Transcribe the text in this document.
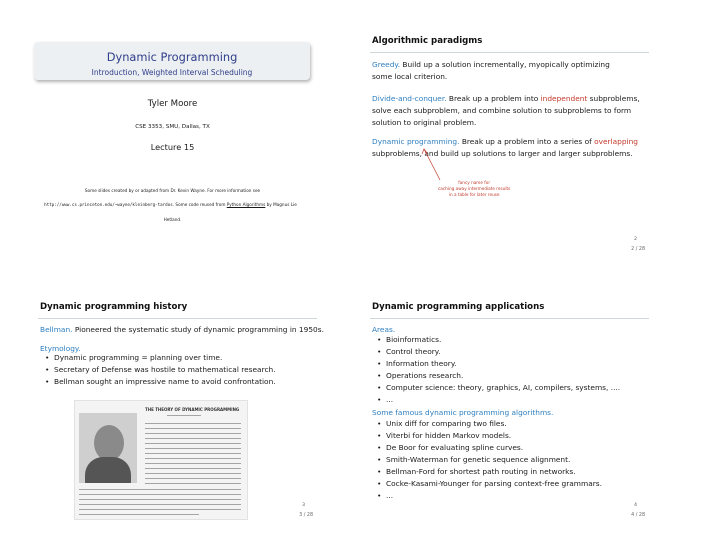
Dynamic Programming
Introduction, Weighted Interval Scheduling
Tyler Moore
CSE 3353, SMU, Dallas, TX
Lecture 15
Some slides created by or adapted from Dr. Kevin Wayne. For more information see
http://www.cs.princeton.edu/~wayne/kleinberg-tardos. Some code reused from Python Algorithms by Magnus Lie
Hetland.
Algorithmic paradigms
Greedy. Build up a solution incrementally, myopically optimizing
some local criterion.
Divide-and-conquer. Break up a problem into independent subproblems,
solve each subproblem, and combine solution to subproblems to form
solution to original problem.
Dynamic programming. Break up a problem into a series of overlapping
subproblems, and build up solutions to larger and larger subproblems.
fancy name for
caching away intermediate results
in a table for later reuse
2
2 / 28
Dynamic programming history
Bellman. Pioneered the systematic study of dynamic programming in 1950s.
Etymology.
• Dynamic programming = planning over time.
• Secretary of Defense was hostile to mathematical research.
• Bellman sought an impressive name to avoid confrontation.
THE THEORY OF DYNAMIC PROGRAMMING
3
3 / 28
Dynamic programming applications
Areas.
• Bioinformatics.
• Control theory.
• Information theory.
• Operations research.
• Computer science: theory, graphics, AI, compilers, systems, ....
• ...
Some famous dynamic programming algorithms.
• Unix diff for comparing two files.
• Viterbi for hidden Markov models.
• De Boor for evaluating spline curves.
• Smith-Waterman for genetic sequence alignment.
• Bellman-Ford for shortest path routing in networks.
• Cocke-Kasami-Younger for parsing context-free grammars.
• ...
4
4 / 28
